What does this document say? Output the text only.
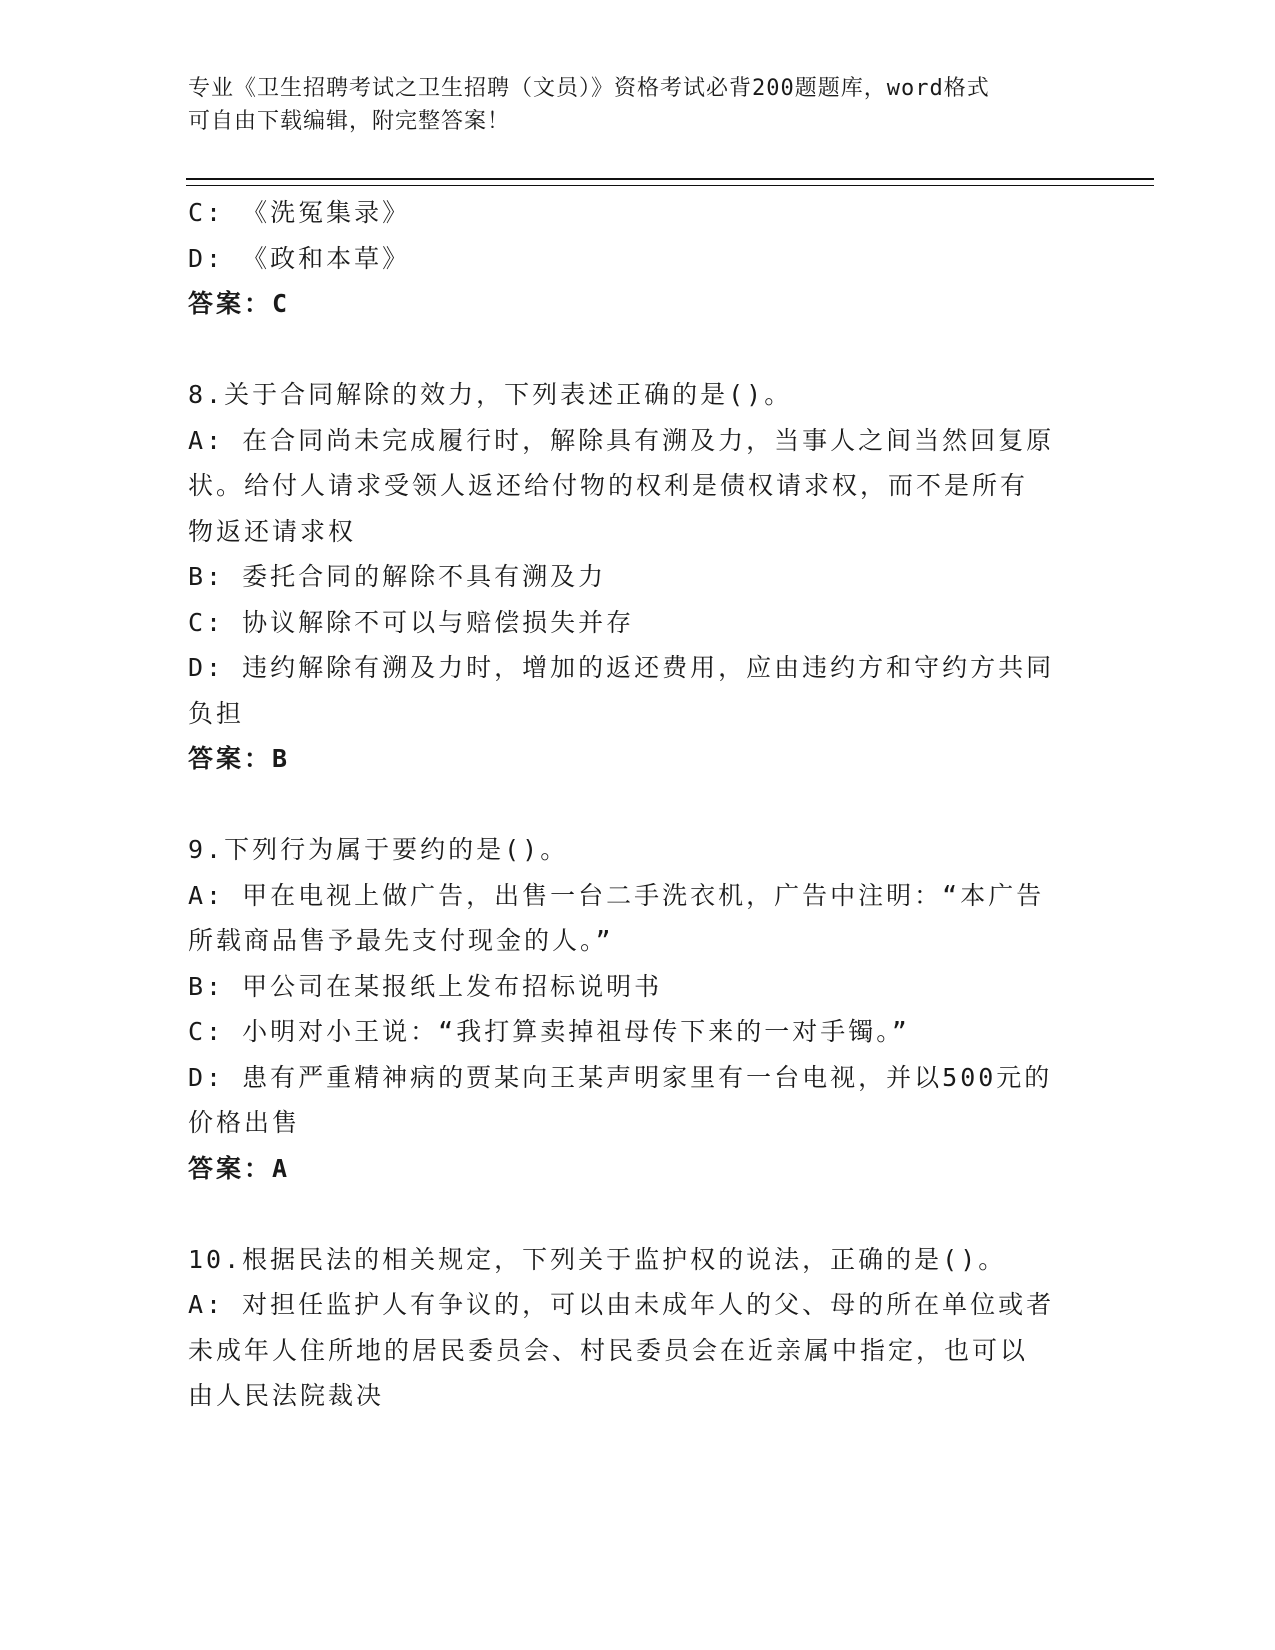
专业《卫生招聘考试之卫生招聘（文员）》资格考试必背200题题库，word格式
可自由下载编辑，附完整答案！
C: 《洗冤集录》
D: 《政和本草》
答案：C
8.关于合同解除的效力，下列表述正确的是()。
A: 在合同尚未完成履行时，解除具有溯及力，当事人之间当然回复原
状。给付人请求受领人返还给付物的权利是债权请求权，而不是所有
物返还请求权
B: 委托合同的解除不具有溯及力
C: 协议解除不可以与赔偿损失并存
D: 违约解除有溯及力时，增加的返还费用，应由违约方和守约方共同
负担
答案：B
9.下列行为属于要约的是()。
A: 甲在电视上做广告，出售一台二手洗衣机，广告中注明：“本广告
所载商品售予最先支付现金的人。”
B: 甲公司在某报纸上发布招标说明书
C: 小明对小王说：“我打算卖掉祖母传下来的一对手镯。”
D: 患有严重精神病的贾某向王某声明家里有一台电视，并以500元的
价格出售
答案：A
10.根据民法的相关规定，下列关于监护权的说法，正确的是()。
A: 对担任监护人有争议的，可以由未成年人的父、母的所在单位或者
未成年人住所地的居民委员会、村民委员会在近亲属中指定，也可以
由人民法院裁决
